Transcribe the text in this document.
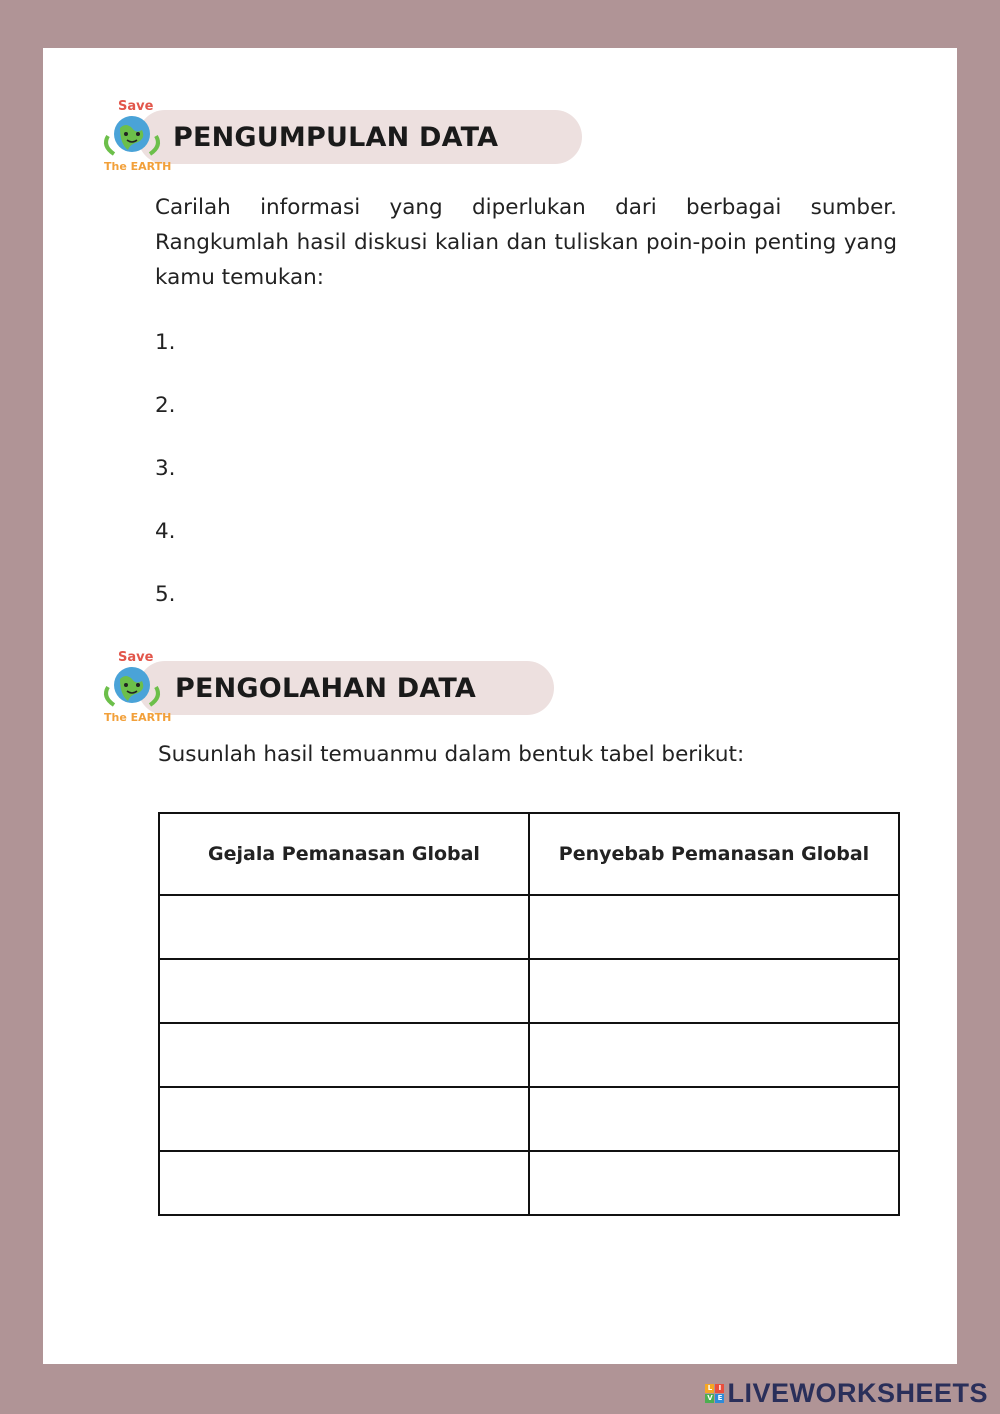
Save
The EARTH
PENGUMPULAN DATA

Carilah informasi yang diperlukan dari berbagai sumber. Rangkumlah hasil diskusi kalian dan tuliskan poin-poin penting yang kamu temukan:

1.
2.
3.
4.
5.
Save
The EARTH
PENGOLAHAN DATA
Susunlah hasil temuanmu dalam bentuk tabel berikut:
Gejala Pemanasan Global	Penyebab Pemanasan Global

L I
V E LIVEWORKSHEETS
